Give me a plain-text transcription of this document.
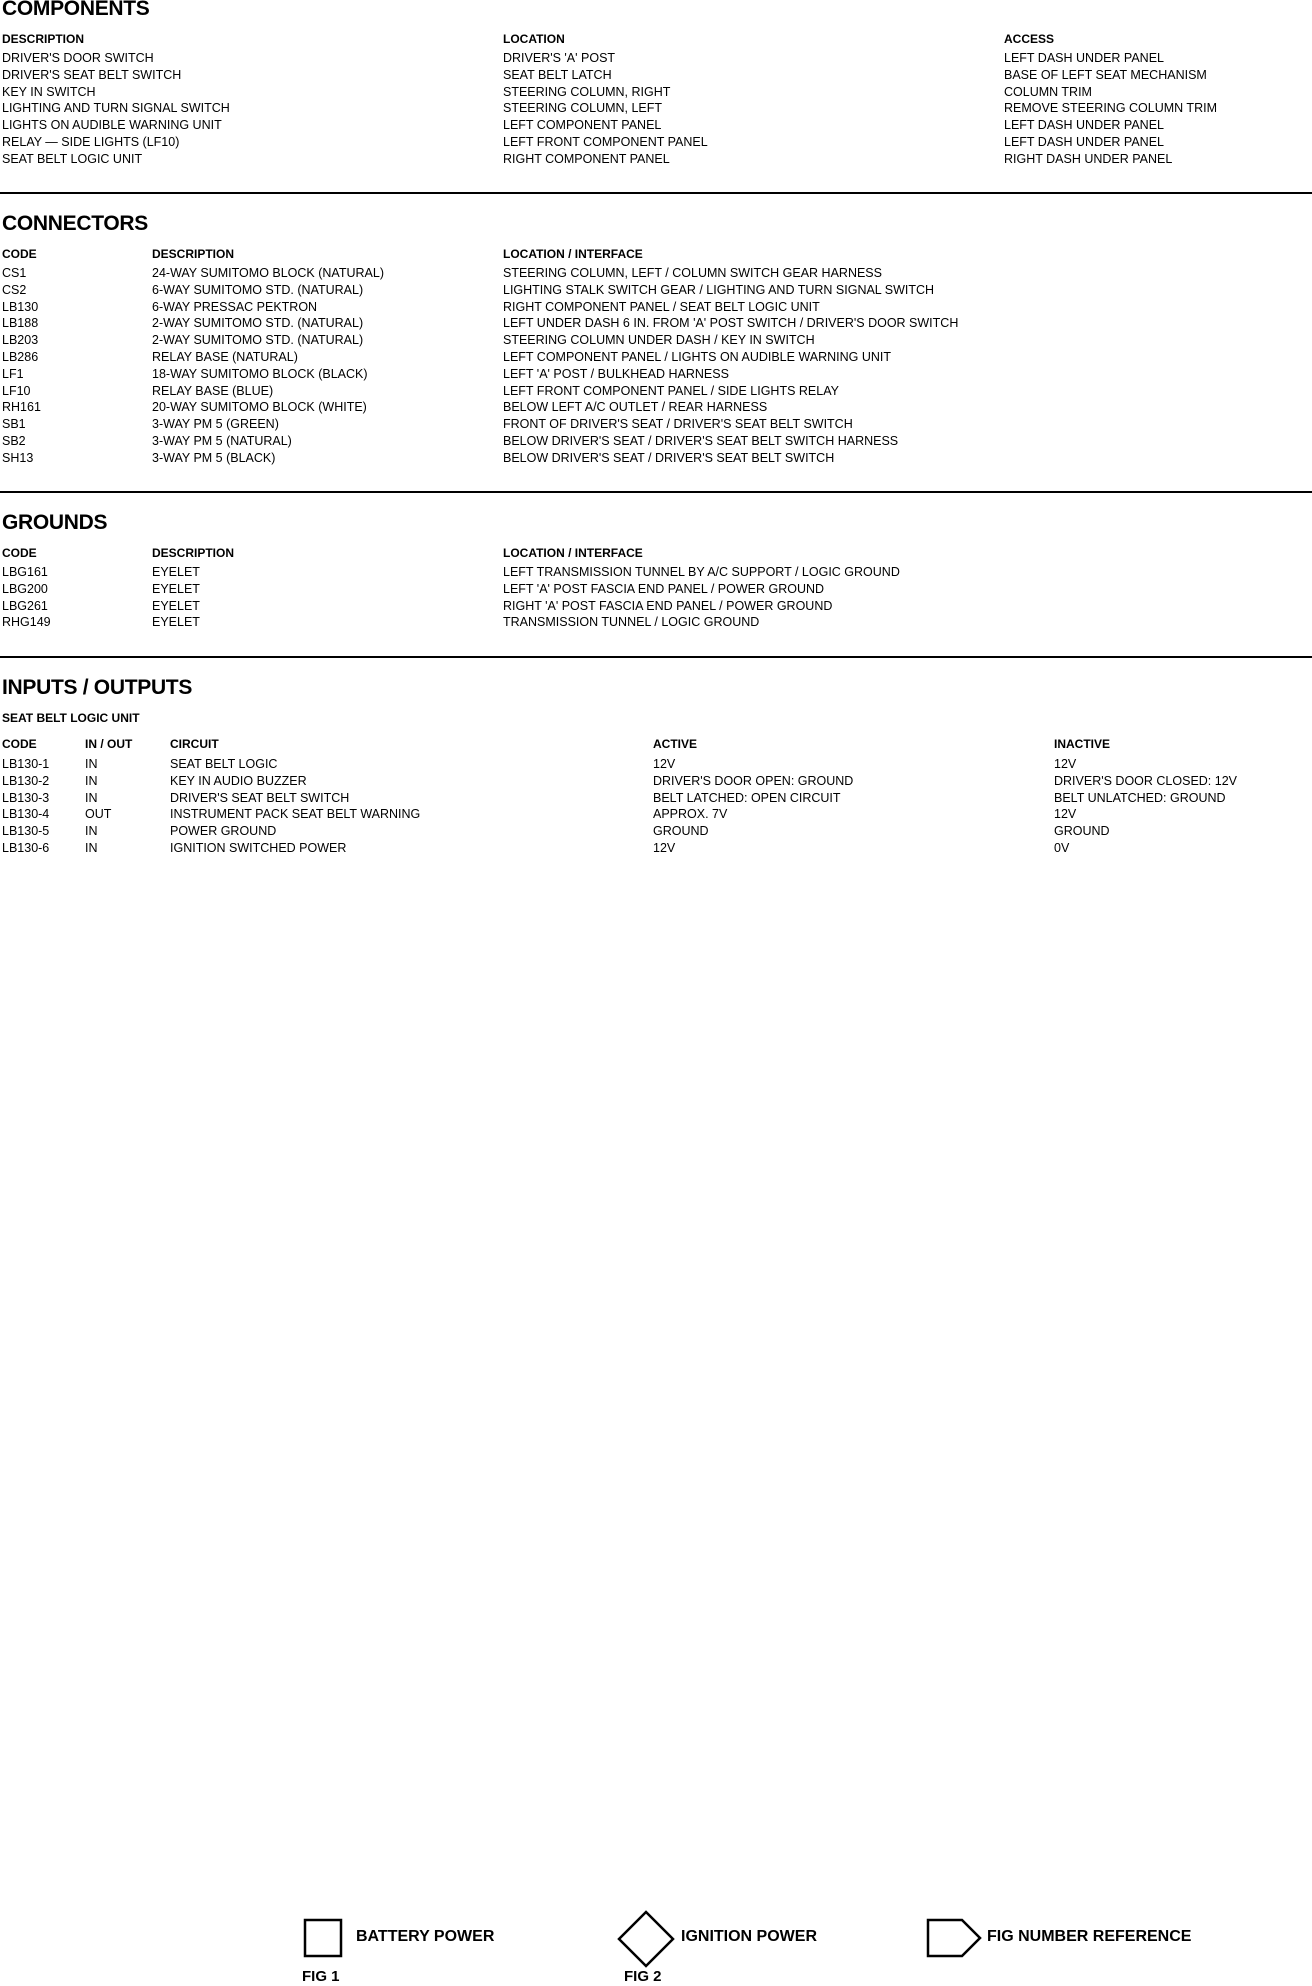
COMPONENTS
DESCRIPTION	LOCATION	ACCESS
DRIVER'S DOOR SWITCH	DRIVER'S 'A' POST	LEFT DASH UNDER PANEL
DRIVER'S SEAT BELT SWITCH	SEAT BELT LATCH	BASE OF LEFT SEAT MECHANISM
KEY IN SWITCH	STEERING COLUMN, RIGHT	COLUMN TRIM
LIGHTING AND TURN SIGNAL SWITCH	STEERING COLUMN, LEFT	REMOVE STEERING COLUMN TRIM
LIGHTS ON AUDIBLE WARNING UNIT	LEFT COMPONENT PANEL	LEFT DASH UNDER PANEL
RELAY — SIDE LIGHTS (LF10)	LEFT FRONT COMPONENT PANEL	LEFT DASH UNDER PANEL
SEAT BELT LOGIC UNIT	RIGHT COMPONENT PANEL	RIGHT DASH UNDER PANEL
CONNECTORS
CODE	DESCRIPTION	LOCATION / INTERFACE
CS1	24-WAY SUMITOMO BLOCK (NATURAL)	STEERING COLUMN, LEFT / COLUMN SWITCH GEAR HARNESS
CS2	6-WAY SUMITOMO STD. (NATURAL)	LIGHTING STALK SWITCH GEAR / LIGHTING AND TURN SIGNAL SWITCH
LB130	6-WAY PRESSAC PEKTRON	RIGHT COMPONENT PANEL / SEAT BELT LOGIC UNIT
LB188	2-WAY SUMITOMO STD. (NATURAL)	LEFT UNDER DASH 6 IN. FROM 'A' POST SWITCH / DRIVER'S DOOR SWITCH
LB203	2-WAY SUMITOMO STD. (NATURAL)	STEERING COLUMN UNDER DASH / KEY IN SWITCH
LB286	RELAY BASE (NATURAL)	LEFT COMPONENT PANEL / LIGHTS ON AUDIBLE WARNING UNIT
LF1	18-WAY SUMITOMO BLOCK (BLACK)	LEFT 'A' POST / BULKHEAD HARNESS
LF10	RELAY BASE (BLUE)	LEFT FRONT COMPONENT PANEL / SIDE LIGHTS RELAY
RH161	20-WAY SUMITOMO BLOCK (WHITE)	BELOW LEFT A/C OUTLET / REAR HARNESS
SB1	3-WAY PM 5 (GREEN)	FRONT OF DRIVER'S SEAT / DRIVER'S SEAT BELT SWITCH
SB2	3-WAY PM 5 (NATURAL)	BELOW DRIVER'S SEAT / DRIVER'S SEAT BELT SWITCH HARNESS
SH13	3-WAY PM 5 (BLACK)	BELOW DRIVER'S SEAT / DRIVER'S SEAT BELT SWITCH
GROUNDS
CODE	DESCRIPTION	LOCATION / INTERFACE
LBG161	EYELET	LEFT TRANSMISSION TUNNEL BY A/C SUPPORT / LOGIC GROUND
LBG200	EYELET	LEFT 'A' POST FASCIA END PANEL / POWER GROUND
LBG261	EYELET	RIGHT 'A' POST FASCIA END PANEL / POWER GROUND
RHG149	EYELET	TRANSMISSION TUNNEL / LOGIC GROUND
INPUTS / OUTPUTS
SEAT BELT LOGIC UNIT
CODE	IN / OUT	CIRCUIT	ACTIVE	INACTIVE
LB130-1	IN	SEAT BELT LOGIC	12V	12V
LB130-2	IN	KEY IN AUDIO BUZZER	DRIVER'S DOOR OPEN: GROUND	DRIVER'S DOOR CLOSED: 12V
LB130-3	IN	DRIVER'S SEAT BELT SWITCH	BELT LATCHED: OPEN CIRCUIT	BELT UNLATCHED: GROUND
LB130-4	OUT	INSTRUMENT PACK SEAT BELT WARNING	APPROX. 7V	12V
LB130-5	IN	POWER GROUND	GROUND	GROUND
LB130-6	IN	IGNITION SWITCHED POWER	12V	0V
BATTERY POWER
FIG 1
IGNITION POWER
FIG 2
FIG NUMBER REFERENCE
